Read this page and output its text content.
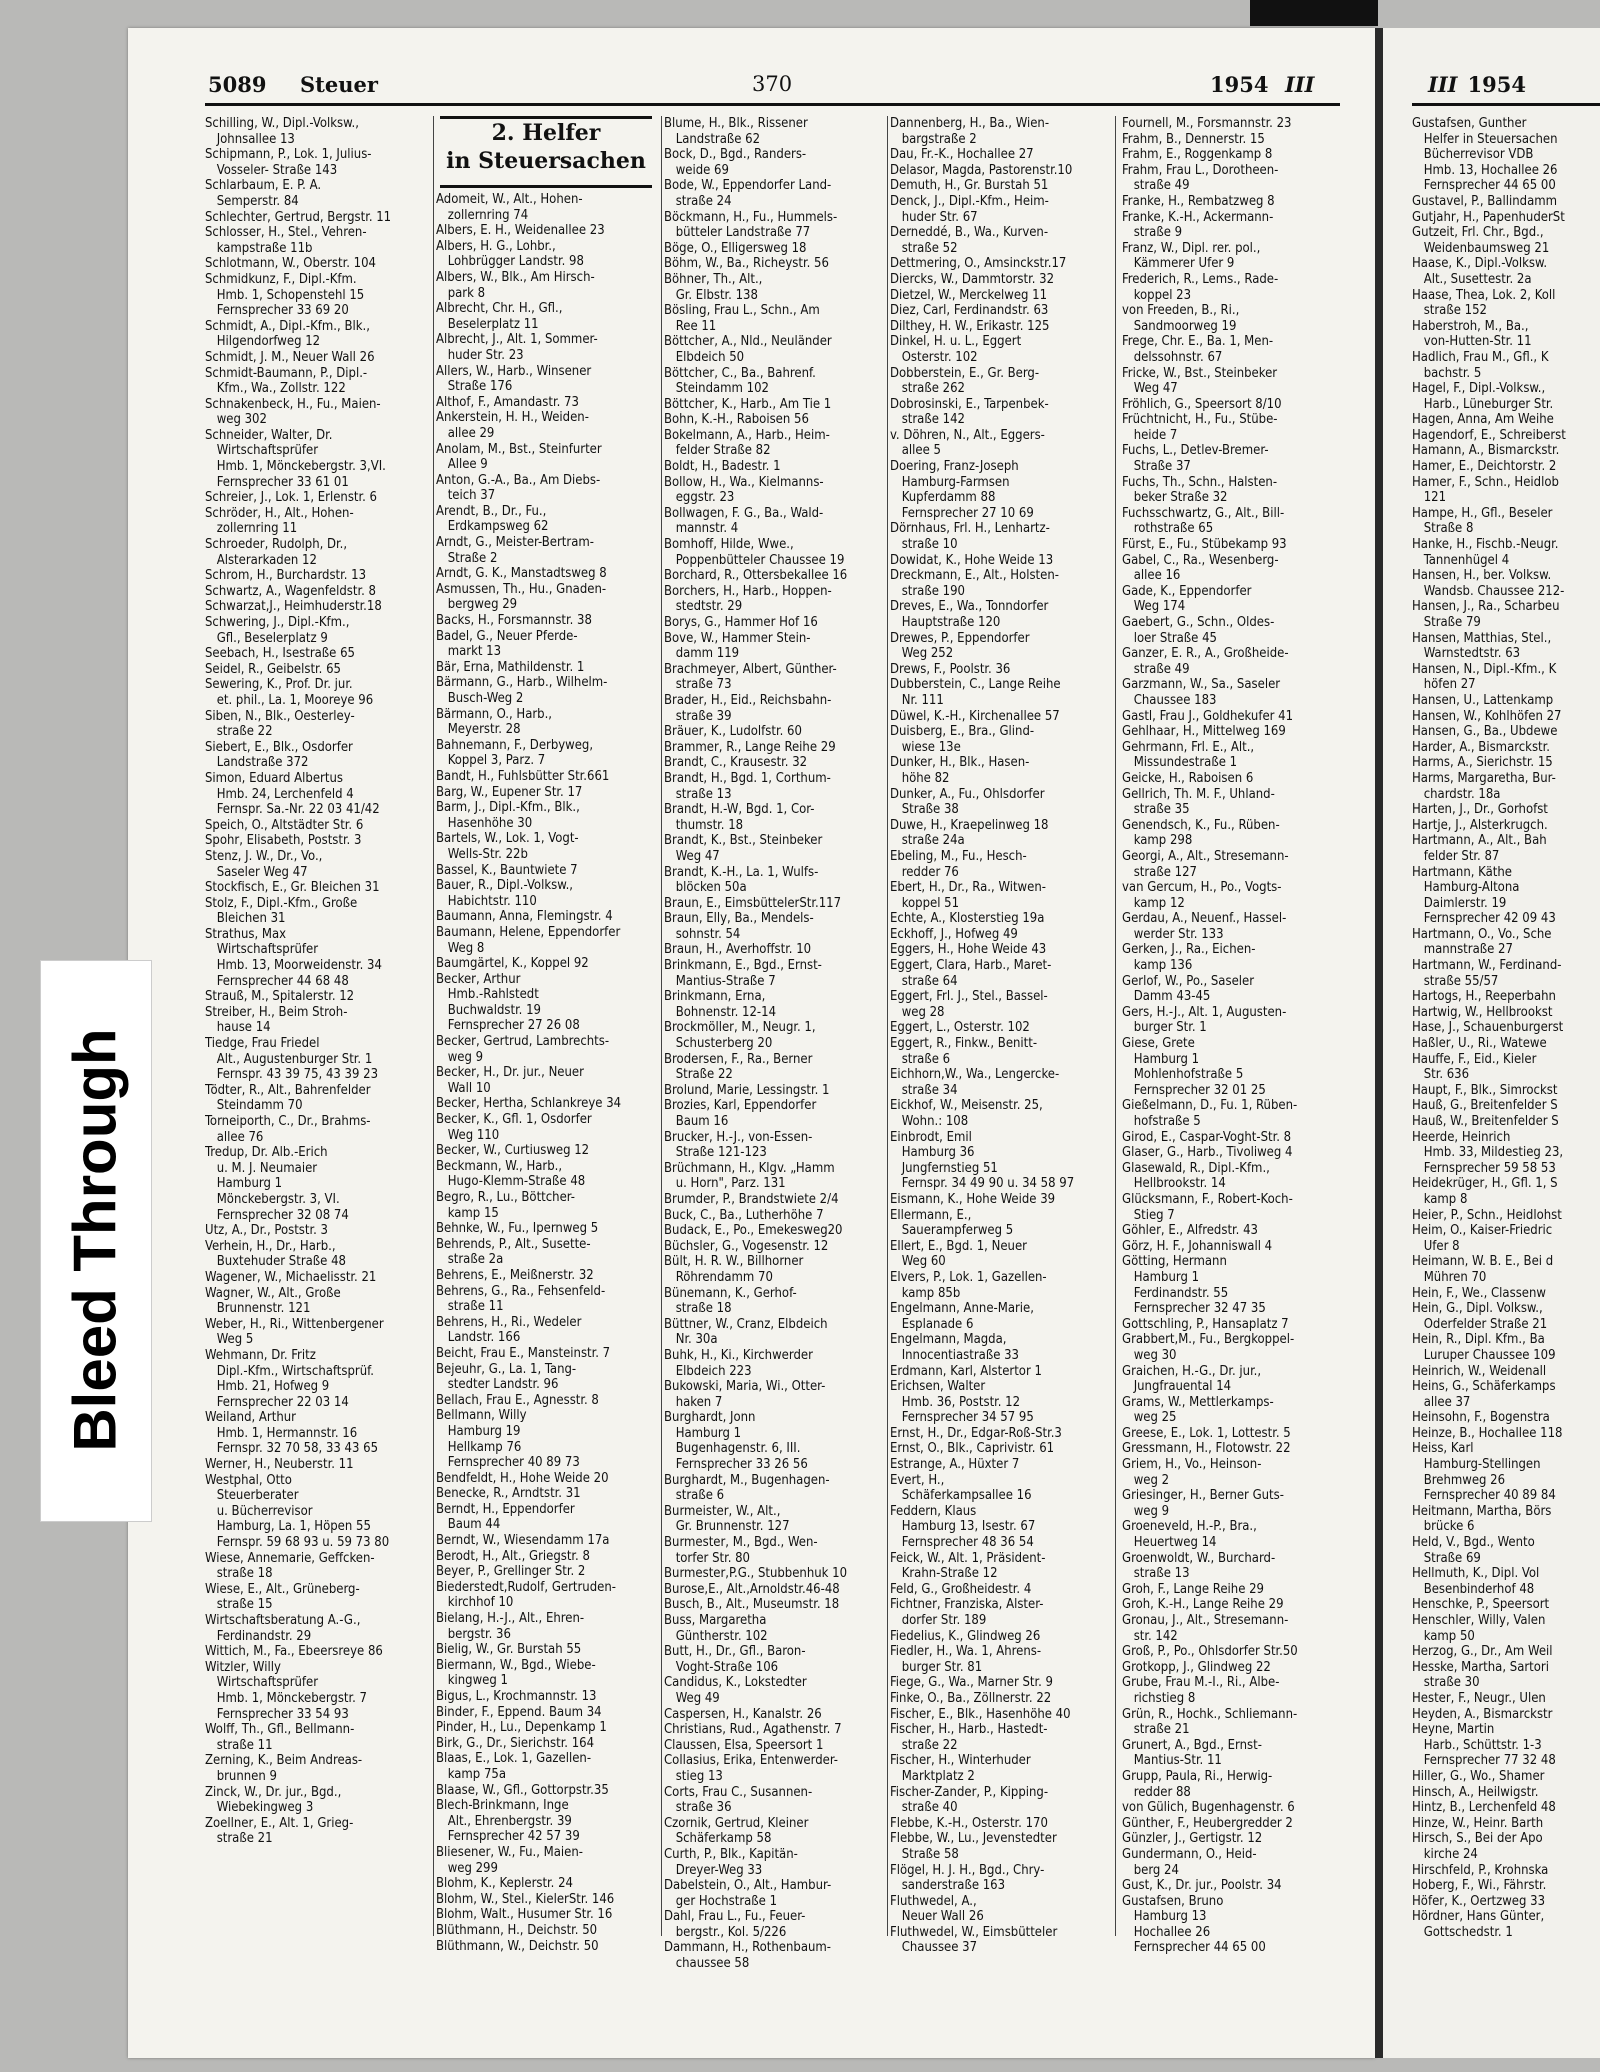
5089 Steuer	370	1954 III	III 1954
2. Helfer
in Steuersachen
Schilling, W., Dipl.-Volksw.,
 Johnsallee 13
Schipmann, P., Lok. 1, Julius-
 Vosseler- Straße 143
Schlarbaum, E. P. A.
 Semperstr. 84
Schlechter, Gertrud, Bergstr. 11
Schlosser, H., Stel., Vehren-
 kampstraße 11b
Schlotmann, W., Oberstr. 104
Schmidkunz, F., Dipl.-Kfm.
 Hmb. 1, Schopenstehl 15
 Fernsprecher 33 69 20
Schmidt, A., Dipl.-Kfm., Blk.,
 Hilgendorfweg 12
Schmidt, J. M., Neuer Wall 26
Schmidt-Baumann, P., Dipl.-
 Kfm., Wa., Zollstr. 122
Schnakenbeck, H., Fu., Maien-
 weg 302
Schneider, Walter, Dr.
 Wirtschaftsprüfer
 Hmb. 1, Mönckebergstr. 3,VI.
 Fernsprecher 33 61 01
Schreier, J., Lok. 1, Erlenstr. 6
Schröder, H., Alt., Hohen-
 zollernring 11
Schroeder, Rudolph, Dr.,
 Alsterarkaden 12
Schrom, H., Burchardstr. 13
Schwartz, A., Wagenfeldstr. 8
Schwarzat,J., Heimhuderstr.18
Schwering, J., Dipl.-Kfm.,
 Gfl., Beselerplatz 9
Seebach, H., Isestraße 65
Seidel, R., Geibelstr. 65
Sewering, K., Prof. Dr. jur.
 et. phil., La. 1, Mooreye 96
Siben, N., Blk., Oesterley-
 straße 22
Siebert, E., Blk., Osdorfer
 Landstraße 372
Simon, Eduard Albertus
 Hmb. 24, Lerchenfeld 4
 Fernspr. Sa.-Nr. 22 03 41/42
Speich, O., Altstädter Str. 6
Spohr, Elisabeth, Poststr. 3
Stenz, J. W., Dr., Vo.,
 Saseler Weg 47
Stockfisch, E., Gr. Bleichen 31
Stolz, F., Dipl.-Kfm., Große
 Bleichen 31
Strathus, Max
 Wirtschaftsprüfer
 Hmb. 13, Moorweidenstr. 34
 Fernsprecher 44 68 48
Strauß, M., Spitalerstr. 12
Streiber, H., Beim Stroh-
 hause 14
Tiedge, Frau Friedel
 Alt., Augustenburger Str. 1
 Fernspr. 43 39 75, 43 39 23
Tödter, R., Alt., Bahrenfelder
 Steindamm 70
Torneiporth, C., Dr., Brahms-
 allee 76
Tredup, Dr. Alb.-Erich
 u. M. J. Neumaier
 Hamburg 1
 Mönckebergstr. 3, VI.
 Fernsprecher 32 08 74
Utz, A., Dr., Poststr. 3
Verhein, H., Dr., Harb.,
 Buxtehuder Straße 48
Wagener, W., Michaelisstr. 21
Wagner, W., Alt., Große
 Brunnenstr. 121
Weber, H., Ri., Wittenbergener
 Weg 5
Wehmann, Dr. Fritz
 Dipl.-Kfm., Wirtschaftsprüf.
 Hmb. 21, Hofweg 9
 Fernsprecher 22 03 14
Weiland, Arthur
 Hmb. 1, Hermannstr. 16
 Fernspr. 32 70 58, 33 43 65
Werner, H., Neuberstr. 11
Westphal, Otto
 Steuerberater
 u. Bücherrevisor
 Hamburg, La. 1, Höpen 55
 Fernspr. 59 68 93 u. 59 73 80
Wiese, Annemarie, Geffcken-
 straße 18
Wiese, E., Alt., Grüneberg-
 straße 15
Wirtschaftsberatung A.-G.,
 Ferdinandstr. 29
Wittich, M., Fa., Ebeersreye 86
Witzler, Willy
 Wirtschaftsprüfer
 Hmb. 1, Mönckebergstr. 7
 Fernsprecher 33 54 93
Wolff, Th., Gfl., Bellmann-
 straße 11
Zerning, K., Beim Andreas-
 brunnen 9
Zinck, W., Dr. jur., Bgd.,
 Wiebekingweg 3
Zoellner, E., Alt. 1, Grieg-
 straße 21
Adomeit, W., Alt., Hohen-
 zollernring 74
Albers, E. H., Weidenallee 23
Albers, H. G., Lohbr.,
 Lohbrügger Landstr. 98
Albers, W., Blk., Am Hirsch-
 park 8
Albrecht, Chr. H., Gfl.,
 Beselerplatz 11
Albrecht, J., Alt. 1, Sommer-
 huder Str. 23
Allers, W., Harb., Winsener
 Straße 176
Althof, F., Amandastr. 73
Ankerstein, H. H., Weiden-
 allee 29
Anolam, M., Bst., Steinfurter
 Allee 9
Anton, G.-A., Ba., Am Diebs-
 teich 37
Arendt, B., Dr., Fu.,
 Erdkampsweg 62
Arndt, G., Meister-Bertram-
 Straße 2
Arndt, G. K., Manstadtsweg 8
Asmussen, Th., Hu., Gnaden-
 bergweg 29
Backs, H., Forsmannstr. 38
Badel, G., Neuer Pferde-
 markt 13
Bär, Erna, Mathildenstr. 1
Bärmann, G., Harb., Wilhelm-
 Busch-Weg 2
Bärmann, O., Harb.,
 Meyerstr. 28
Bahnemann, F., Derbyweg,
 Koppel 3, Parz. 7
Bandt, H., Fuhlsbütter Str.661
Barg, W., Eupener Str. 17
Barm, J., Dipl.-Kfm., Blk.,
 Hasenhöhe 30
Bartels, W., Lok. 1, Vogt-
 Wells-Str. 22b
Bassel, K., Bauntwiete 7
Bauer, R., Dipl.-Volksw.,
 Habichtstr. 110
Baumann, Anna, Flemingstr. 4
Baumann, Helene, Eppendorfer
 Weg 8
Baumgärtel, K., Koppel 92
Becker, Arthur
 Hmb.-Rahlstedt
 Buchwaldstr. 19
 Fernsprecher 27 26 08
Becker, Gertrud, Lambrechts-
 weg 9
Becker, H., Dr. jur., Neuer
 Wall 10
Becker, Hertha, Schlankreye 34
Becker, K., Gfl. 1, Osdorfer
 Weg 110
Becker, W., Curtiusweg 12
Beckmann, W., Harb.,
 Hugo-Klemm-Straße 48
Begro, R., Lu., Böttcher-
 kamp 15
Behnke, W., Fu., Ipernweg 5
Behrends, P., Alt., Susette-
 straße 2a
Behrens, E., Meißnerstr. 32
Behrens, G., Ra., Fehsenfeld-
 straße 11
Behrens, H., Ri., Wedeler
 Landstr. 166
Beicht, Frau E., Mansteinstr. 7
Bejeuhr, G., La. 1, Tang-
 stedter Landstr. 96
Bellach, Frau E., Agnesstr. 8
Bellmann, Willy
 Hamburg 19
 Hellkamp 76
 Fernsprecher 40 89 73
Bendfeldt, H., Hohe Weide 20
Benecke, R., Arndtstr. 31
Berndt, H., Eppendorfer
 Baum 44
Berndt, W., Wiesendamm 17a
Berodt, H., Alt., Griegstr. 8
Beyer, P., Grellinger Str. 2
Biederstedt,Rudolf, Gertruden-
 kirchhof 10
Bielang, H.-J., Alt., Ehren-
 bergstr. 36
Bielig, W., Gr. Burstah 55
Biermann, W., Bgd., Wiebe-
 kingweg 1
Bigus, L., Krochmannstr. 13
Binder, F., Eppend. Baum 34
Pinder, H., Lu., Depenkamp 1
Birk, G., Dr., Sierichstr. 164
Blaas, E., Lok. 1, Gazellen-
 kamp 75a
Blaase, W., Gfl., Gottorpstr.35
Blech-Brinkmann, Inge
 Alt., Ehrenbergstr. 39
 Fernsprecher 42 57 39
Bliesener, W., Fu., Maien-
 weg 299
Blohm, K., Keplerstr. 24
Blohm, W., Stel., KielerStr. 146
Blohm, Walt., Husumer Str. 16
Blüthmann, H., Deichstr. 50
Blüthmann, W., Deichstr. 50
Blume, H., Blk., Rissener
 Landstraße 62
Bock, D., Bgd., Randers-
 weide 69
Bode, W., Eppendorfer Land-
 straße 24
Böckmann, H., Fu., Hummels-
 bütteler Landstraße 77
Böge, O., Elligersweg 18
Böhm, W., Ba., Richeystr. 56
Böhner, Th., Alt.,
 Gr. Elbstr. 138
Bösling, Frau L., Schn., Am
 Ree 11
Böttcher, A., Nld., Neuländer
 Elbdeich 50
Böttcher, C., Ba., Bahrenf.
 Steindamm 102
Böttcher, K., Harb., Am Tie 1
Bohn, K.-H., Raboisen 56
Bokelmann, A., Harb., Heim-
 felder Straße 82
Boldt, H., Badestr. 1
Bollow, H., Wa., Kielmanns-
 eggstr. 23
Bollwagen, F. G., Ba., Wald-
 mannstr. 4
Bomhoff, Hilde, Wwe.,
 Poppenbütteler Chaussee 19
Borchard, R., Ottersbekallee 16
Borchers, H., Harb., Hoppen-
 stedtstr. 29
Borys, G., Hammer Hof 16
Bove, W., Hammer Stein-
 damm 119
Brachmeyer, Albert, Günther-
 straße 73
Brader, H., Eid., Reichsbahn-
 straße 39
Bräuer, K., Ludolfstr. 60
Brammer, R., Lange Reihe 29
Brandt, C., Krausestr. 32
Brandt, H., Bgd. 1, Corthum-
 straße 13
Brandt, H.-W, Bgd. 1, Cor-
 thumstr. 18
Brandt, K., Bst., Steinbeker
 Weg 47
Brandt, K.-H., La. 1, Wulfs-
 blöcken 50a
Braun, E., EimsbüttelerStr.117
Braun, Elly, Ba., Mendels-
 sohnstr. 54
Braun, H., Averhoffstr. 10
Brinkmann, E., Bgd., Ernst-
 Mantius-Straße 7
Brinkmann, Erna,
 Bohnenstr. 12-14
Brockmöller, M., Neugr. 1,
 Schusterberg 20
Brodersen, F., Ra., Berner
 Straße 22
Brolund, Marie, Lessingstr. 1
Brozies, Karl, Eppendorfer
 Baum 16
Brucker, H.-J., von-Essen-
 Straße 121-123
Brüchmann, H., Klgv. „Hamm
 u. Horn", Parz. 131
Brumder, P., Brandstwiete 2/4
Buck, C., Ba., Lutherhöhe 7
Budack, E., Po., Emekesweg20
Büchsler, G., Vogesenstr. 12
Bült, H. R. W., Billhorner
 Röhrendamm 70
Bünemann, K., Gerhof-
 straße 18
Büttner, W., Cranz, Elbdeich
 Nr. 30a
Buhk, H., Ki., Kirchwerder
 Elbdeich 223
Bukowski, Maria, Wi., Otter-
 haken 7
Burghardt, Jonn
 Hamburg 1
 Bugenhagenstr. 6, III.
 Fernsprecher 33 26 56
Burghardt, M., Bugenhagen-
 straße 6
Burmeister, W., Alt.,
 Gr. Brunnenstr. 127
Burmester, M., Bgd., Wen-
 torfer Str. 80
Burmester,P.G., Stubbenhuk 10
Burose,E., Alt.,Arnoldstr.46-48
Busch, B., Alt., Museumstr. 18
Buss, Margaretha
 Güntherstr. 102
Butt, H., Dr., Gfl., Baron-
 Voght-Straße 106
Candidus, K., Lokstedter
 Weg 49
Caspersen, H., Kanalstr. 26
Christians, Rud., Agathenstr. 7
Claussen, Elsa, Speersort 1
Collasius, Erika, Entenwerder-
 stieg 13
Corts, Frau C., Susannen-
 straße 36
Czornik, Gertrud, Kleiner
 Schäferkamp 58
Curth, P., Blk., Kapitän-
 Dreyer-Weg 33
Dabelstein, O., Alt., Hambur-
 ger Hochstraße 1
Dahl, Frau L., Fu., Feuer-
 bergstr., Kol. 5/226
Dammann, H., Rothenbaum-
 chaussee 58
Dannenberg, H., Ba., Wien-
 bargstraße 2
Dau, Fr.-K., Hochallee 27
Delasor, Magda, Pastorenstr.10
Demuth, H., Gr. Burstah 51
Denck, J., Dipl.-Kfm., Heim-
 huder Str. 67
Derneddé, B., Wa., Kurven-
 straße 52
Dettmering, O., Amsinckstr.17
Diercks, W., Dammtorstr. 32
Dietzel, W., Merckelweg 11
Diez, Carl, Ferdinandstr. 63
Dilthey, H. W., Erikastr. 125
Dinkel, H. u. L., Eggert
 Osterstr. 102
Dobberstein, E., Gr. Berg-
 straße 262
Dobrosinski, E., Tarpenbek-
 straße 142
v. Döhren, N., Alt., Eggers-
 allee 5
Doering, Franz-Joseph
 Hamburg-Farmsen
 Kupferdamm 88
 Fernsprecher 27 10 69
Dörnhaus, Frl. H., Lenhartz-
 straße 10
Dowidat, K., Hohe Weide 13
Dreckmann, E., Alt., Holsten-
 straße 190
Dreves, E., Wa., Tonndorfer
 Hauptstraße 120
Drewes, P., Eppendorfer
 Weg 252
Drews, F., Poolstr. 36
Dubberstein, C., Lange Reihe
 Nr. 111
Düwel, K.-H., Kirchenallee 57
Duisberg, E., Bra., Glind-
 wiese 13e
Dunker, H., Blk., Hasen-
 höhe 82
Dunker, A., Fu., Ohlsdorfer
 Straße 38
Duwe, H., Kraepelinweg 18
 straße 24a
Ebeling, M., Fu., Hesch-
 redder 76
Ebert, H., Dr., Ra., Witwen-
 koppel 51
Echte, A., Klosterstieg 19a
Eckhoff, J., Hofweg 49
Eggers, H., Hohe Weide 43
Eggert, Clara, Harb., Maret-
 straße 64
Eggert, Frl. J., Stel., Bassel-
 weg 28
Eggert, L., Osterstr. 102
Eggert, R., Finkw., Benitt-
 straße 6
Eichhorn,W., Wa., Lengercke-
 straße 34
Eickhof, W., Meisenstr. 25,
 Wohn.: 108
Einbrodt, Emil
 Hamburg 36
 Jungfernstieg 51
 Fernspr. 34 49 90 u. 34 58 97
Eismann, K., Hohe Weide 39
Ellermann, E.,
 Sauerampferweg 5
Ellert, E., Bgd. 1, Neuer
 Weg 60
Elvers, P., Lok. 1, Gazellen-
 kamp 85b
Engelmann, Anne-Marie,
 Esplanade 6
Engelmann, Magda,
 Innocentiastraße 33
Erdmann, Karl, Alstertor 1
Erichsen, Walter
 Hmb. 36, Poststr. 12
 Fernsprecher 34 57 95
Ernst, H., Dr., Edgar-Roß-Str.3
Ernst, O., Blk., Caprivistr. 61
Estrange, A., Hüxter 7
Evert, H.,
 Schäferkampsallee 16
Feddern, Klaus
 Hamburg 13, Isestr. 67
 Fernsprecher 48 36 54
Feick, W., Alt. 1, Präsident-
 Krahn-Straße 12
Feld, G., Großheidestr. 4
Fichtner, Franziska, Alster-
 dorfer Str. 189
Fiedelius, K., Glindweg 26
Fiedler, H., Wa. 1, Ahrens-
 burger Str. 81
Fiege, G., Wa., Marner Str. 9
Finke, O., Ba., Zöllnerstr. 22
Fischer, E., Blk., Hasenhöhe 40
Fischer, H., Harb., Hastedt-
 straße 22
Fischer, H., Winterhuder
 Marktplatz 2
Fischer-Zander, P., Kipping-
 straße 40
Flebbe, K.-H., Osterstr. 170
Flebbe, W., Lu., Jevenstedter
 Straße 58
Flögel, H. J. H., Bgd., Chry-
 sanderstraße 163
Fluthwedel, A.,
 Neuer Wall 26
Fluthwedel, W., Eimsbütteler
 Chaussee 37
Fournell, M., Forsmannstr. 23
Frahm, B., Dennerstr. 15
Frahm, E., Roggenkamp 8
Frahm, Frau L., Dorotheen-
 straße 49
Franke, H., Rembatzweg 8
Franke, K.-H., Ackermann-
 straße 9
Franz, W., Dipl. rer. pol.,
 Kämmerer Ufer 9
Frederich, R., Lems., Rade-
 koppel 23
von Freeden, B., Ri.,
 Sandmoorweg 19
Frege, Chr. E., Ba. 1, Men-
 delssohnstr. 67
Fricke, W., Bst., Steinbeker
 Weg 47
Fröhlich, G., Speersort 8/10
Früchtnicht, H., Fu., Stübe-
 heide 7
Fuchs, L., Detlev-Bremer-
 Straße 37
Fuchs, Th., Schn., Halsten-
 beker Straße 32
Fuchsschwartz, G., Alt., Bill-
 rothstraße 65
Fürst, E., Fu., Stübekamp 93
Gabel, C., Ra., Wesenberg-
 allee 16
Gade, K., Eppendorfer
 Weg 174
Gaebert, G., Schn., Oldes-
 loer Straße 45
Ganzer, E. R., A., Großheide-
 straße 49
Garzmann, W., Sa., Saseler
 Chaussee 183
Gastl, Frau J., Goldhekufer 41
Gehlhaar, H., Mittelweg 169
Gehrmann, Frl. E., Alt.,
 Missundestraße 1
Geicke, H., Raboisen 6
Gellrich, Th. M. F., Uhland-
 straße 35
Genendsch, K., Fu., Rüben-
 kamp 298
Georgi, A., Alt., Stresemann-
 straße 127
van Gercum, H., Po., Vogts-
 kamp 12
Gerdau, A., Neuenf., Hassel-
 werder Str. 133
Gerken, J., Ra., Eichen-
 kamp 136
Gerlof, W., Po., Saseler
 Damm 43-45
Gers, H.-J., Alt. 1, Augusten-
 burger Str. 1
Giese, Grete
 Hamburg 1
 Mohlenhofstraße 5
 Fernsprecher 32 01 25
Gießelmann, D., Fu. 1, Rüben-
 hofstraße 5
Girod, E., Caspar-Voght-Str. 8
Glaser, G., Harb., Tivoliweg 4
Glasewald, R., Dipl.-Kfm.,
 Hellbrookstr. 14
Glücksmann, F., Robert-Koch-
 Stieg 7
Göhler, E., Alfredstr. 43
Görz, H. F., Johanniswall 4
Götting, Hermann
 Hamburg 1
 Ferdinandstr. 55
 Fernsprecher 32 47 35
Gottschling, P., Hansaplatz 7
Grabbert,M., Fu., Bergkoppel-
 weg 30
Graichen, H.-G., Dr. jur.,
 Jungfrauental 14
Grams, W., Mettlerkamps-
 weg 25
Greese, E., Lok. 1, Lottestr. 5
Gressmann, H., Flotowstr. 22
Griem, H., Vo., Heinson-
 weg 2
Griesinger, H., Berner Guts-
 weg 9
Groeneveld, H.-P., Bra.,
 Heuertweg 14
Groenwoldt, W., Burchard-
 straße 13
Groh, F., Lange Reihe 29
Groh, K.-H., Lange Reihe 29
Gronau, J., Alt., Stresemann-
 str. 142
Groß, P., Po., Ohlsdorfer Str.50
Grotkopp, J., Glindweg 22
Grube, Frau M.-I., Ri., Albe-
 richstieg 8
Grün, R., Hochk., Schliemann-
 straße 21
Grunert, A., Bgd., Ernst-
 Mantius-Str. 11
Grupp, Paula, Ri., Herwig-
 redder 88
von Gülich, Bugenhagenstr. 6
Günther, F., Heubergredder 2
Günzler, J., Gertigstr. 12
Gundermann, O., Heid-
 berg 24
Gust, K., Dr. jur., Poolstr. 34
Gustafsen, Bruno
 Hamburg 13
 Hochallee 26
 Fernsprecher 44 65 00
Gustafsen, Gunther
 Helfer in Steuersachen
 Bücherrevisor VDB
 Hmb. 13, Hochallee 26
 Fernsprecher 44 65 00
Gustavel, P., Ballindamm
Gutjahr, H., PapenhuderSt
Gutzeit, Frl. Chr., Bgd.,
 Weidenbaumsweg 21
Haase, K., Dipl.-Volksw.
 Alt., Susettestr. 2a
Haase, Thea, Lok. 2, Koll
 straße 152
Haberstroh, M., Ba.,
 von-Hutten-Str. 11
Hadlich, Frau M., Gfl., K
 bachstr. 5
Hagel, F., Dipl.-Volksw.,
 Harb., Lüneburger Str.
Hagen, Anna, Am Weihe
Hagendorf, E., Schreiberst
Hamann, A., Bismarckstr.
Hamer, E., Deichtorstr. 2
Hamer, F., Schn., Heidlob
 121
Hampe, H., Gfl., Beseler
 Straße 8
Hanke, H., Fischb.-Neugr.
 Tannenhügel 4
Hansen, H., ber. Volksw.
 Wandsb. Chaussee 212-
Hansen, J., Ra., Scharbeu
 Straße 79
Hansen, Matthias, Stel.,
 Warnstedtstr. 63
Hansen, N., Dipl.-Kfm., K
 höfen 27
Hansen, U., Lattenkamp
Hansen, W., Kohlhöfen 27
Hansen, G., Ba., Ubdewe
Harder, A., Bismarckstr.
Harms, A., Sierichstr. 15
Harms, Margaretha, Bur-
 chardstr. 18a
Harten, J., Dr., Gorhofst
Hartje, J., Alsterkrugch.
Hartmann, A., Alt., Bah
 felder Str. 87
Hartmann, Käthe
 Hamburg-Altona
 Daimlerstr. 19
 Fernsprecher 42 09 43
Hartmann, O., Vo., Sche
 mannstraße 27
Hartmann, W., Ferdinand-
 straße 55/57
Hartogs, H., Reeperbahn
Hartwig, W., Hellbrookst
Hase, J., Schauenburgerst
Haßler, U., Ri., Watewe
Hauffe, F., Eid., Kieler
 Str. 636
Haupt, F., Blk., Simrockst
Hauß, G., Breitenfelder S
Hauß, W., Breitenfelder S
Heerde, Heinrich
 Hmb. 33, Mildestieg 23,
 Fernsprecher 59 58 53
Heidekrüger, H., Gfl. 1, S
 kamp 8
Heier, P., Schn., Heidlohst
Heim, O., Kaiser-Friedric
 Ufer 8
Heimann, W. B. E., Bei d
 Mühren 70
Hein, F., We., Classenw
Hein, G., Dipl. Volksw.,
 Oderfelder Straße 21
Hein, R., Dipl. Kfm., Ba
 Luruper Chaussee 109
Heinrich, W., Weidenall
Heins, G., Schäferkamps
 allee 37
Heinsohn, F., Bogenstra
Heinze, B., Hochallee 118
Heiss, Karl
 Hamburg-Stellingen
 Brehmweg 26
 Fernsprecher 40 89 84
Heitmann, Martha, Börs
 brücke 6
Held, V., Bgd., Wento
 Straße 69
Hellmuth, K., Dipl. Vol
 Besenbinderhof 48
Henschke, P., Speersort
Henschler, Willy, Valen
 kamp 50
Herzog, G., Dr., Am Weil
Hesske, Martha, Sartori
 straße 30
Hester, F., Neugr., Ulen
Heyden, A., Bismarckstr
Heyne, Martin
 Harb., Schüttstr. 1-3
 Fernsprecher 77 32 48
Hiller, G., Wo., Shamer
Hinsch, A., Heilwigstr.
Hintz, B., Lerchenfeld 48
Hinze, W., Heinr. Barth
Hirsch, S., Bei der Apo
 kirche 24
Hirschfeld, P., Krohnska
Hoberg, F., Wi., Fährstr.
Höfer, K., Oertzweg 33
Hördner, Hans Günter,
 Gottschedstr. 1
Bleed Through
